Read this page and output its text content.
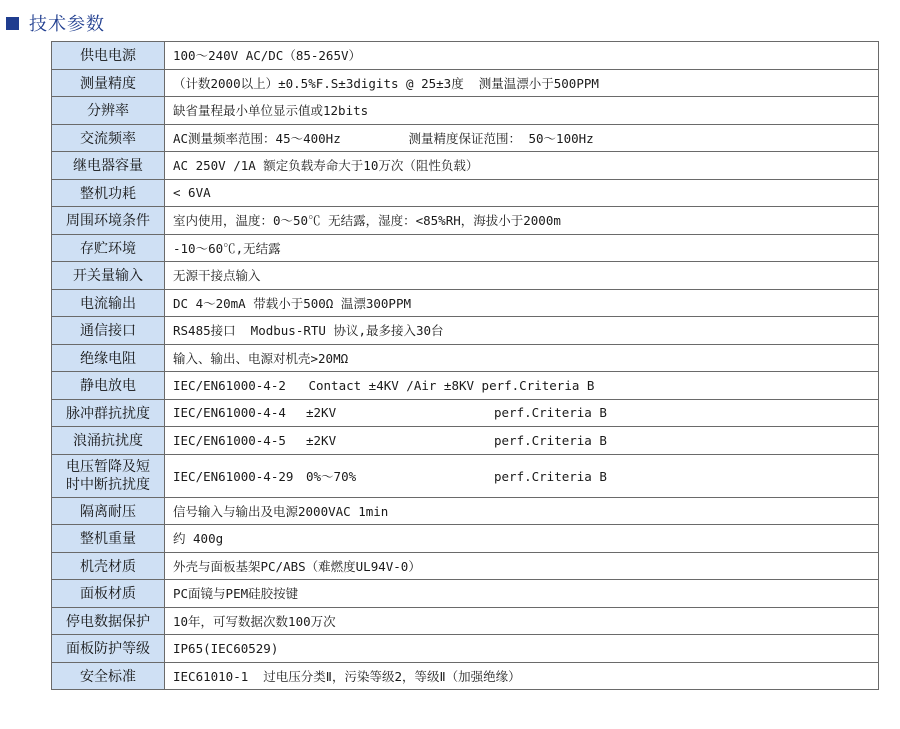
技术参数
供电电源	100～240V AC/DC（85-265V）
测量精度	（计数2000以上）±0.5%F.S±3digits @ 25±3度  测量温漂小于500PPM
分辨率	缺省量程最小单位显示值或12bits
交流频率	AC测量频率范围：45～400Hz         测量精度保证范围： 50～100Hz
继电器容量	AC 250V /1A 额定负载寿命大于10万次（阻性负载）
整机功耗	< 6VA
周围环境条件	室内使用，温度：0～50℃ 无结露，湿度：<85%RH，海拔小于2000m
存贮环境	-10～60℃,无结露
开关量输入	无源干接点输入
电流输出	DC 4～20mA 带载小于500Ω 温漂300PPM
通信接口	RS485接口  Modbus-RTU 协议,最多接入30台
绝缘电阻	输入、输出、电源对机壳>20MΩ
静电放电	IEC/EN61000-4-2   Contact ±4KV /Air ±8KV perf.Criteria B
脉冲群抗扰度	IEC/EN61000-4-4 ±2KV perf.Criteria B
浪涌抗扰度	IEC/EN61000-4-5 ±2KV perf.Criteria B
电压暂降及短
时中断抗扰度	IEC/EN61000-4-29 0%～70% perf.Criteria B
隔离耐压	信号输入与输出及电源2000VAC 1min
整机重量	约 400g
机壳材质	外壳与面板基架PC/ABS（难燃度UL94V-0）
面板材质	PC面镜与PEM硅胶按键
停电数据保护	10年，可写数据次数100万次
面板防护等级	IP65(IEC60529)
安全标准	IEC61010-1  过电压分类Ⅱ，污染等级2，等级Ⅱ（加强绝缘）
